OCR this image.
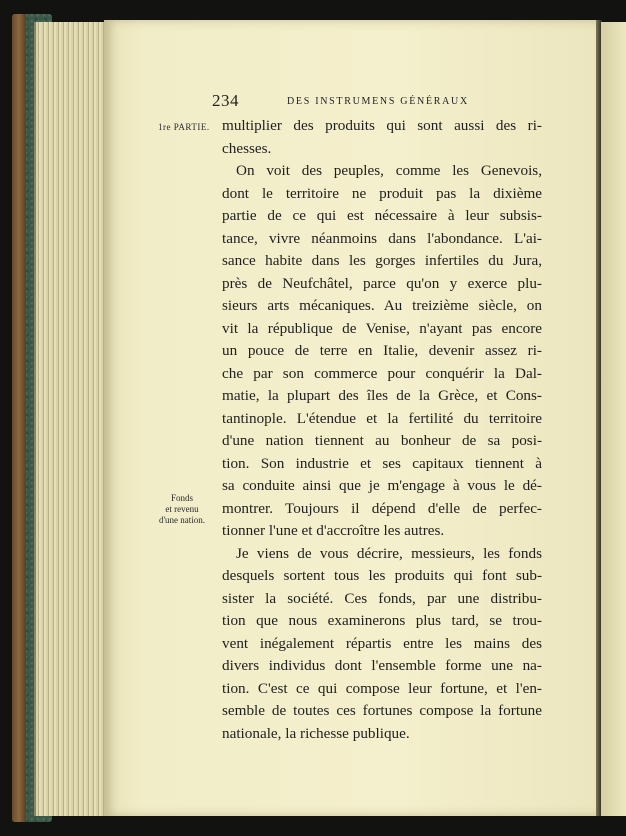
234	DES INSTRUMENS GÉNÉRAUX
1re PARTIE.
Fonds
et revenu
d'une nation.
multiplier des produits qui sont aussi des ri-
chesses.
On voit des peuples, comme les Genevois,
dont le territoire ne produit pas la dixième
partie de ce qui est nécessaire à leur subsis-
tance, vivre néanmoins dans l'abondance. L'ai-
sance habite dans les gorges infertiles du Jura,
près de Neufchâtel, parce qu'on y exerce plu-
sieurs arts mécaniques. Au treizième siècle, on
vit la république de Venise, n'ayant pas encore
un pouce de terre en Italie, devenir assez ri-
che par son commerce pour conquérir la Dal-
matie, la plupart des îles de la Grèce, et Cons-
tantinople. L'étendue et la fertilité du territoire
d'une nation tiennent au bonheur de sa posi-
tion. Son industrie et ses capitaux tiennent à
sa conduite ainsi que je m'engage à vous le dé-
montrer. Toujours il dépend d'elle de perfec-
tionner l'une et d'accroître les autres.
Je viens de vous décrire, messieurs, les fonds
desquels sortent tous les produits qui font sub-
sister la société. Ces fonds, par une distribu-
tion que nous examinerons plus tard, se trou-
vent inégalement répartis entre les mains des
divers individus dont l'ensemble forme une na-
tion. C'est ce qui compose leur fortune, et l'en-
semble de toutes ces fortunes compose la fortune
nationale, la richesse publique.
